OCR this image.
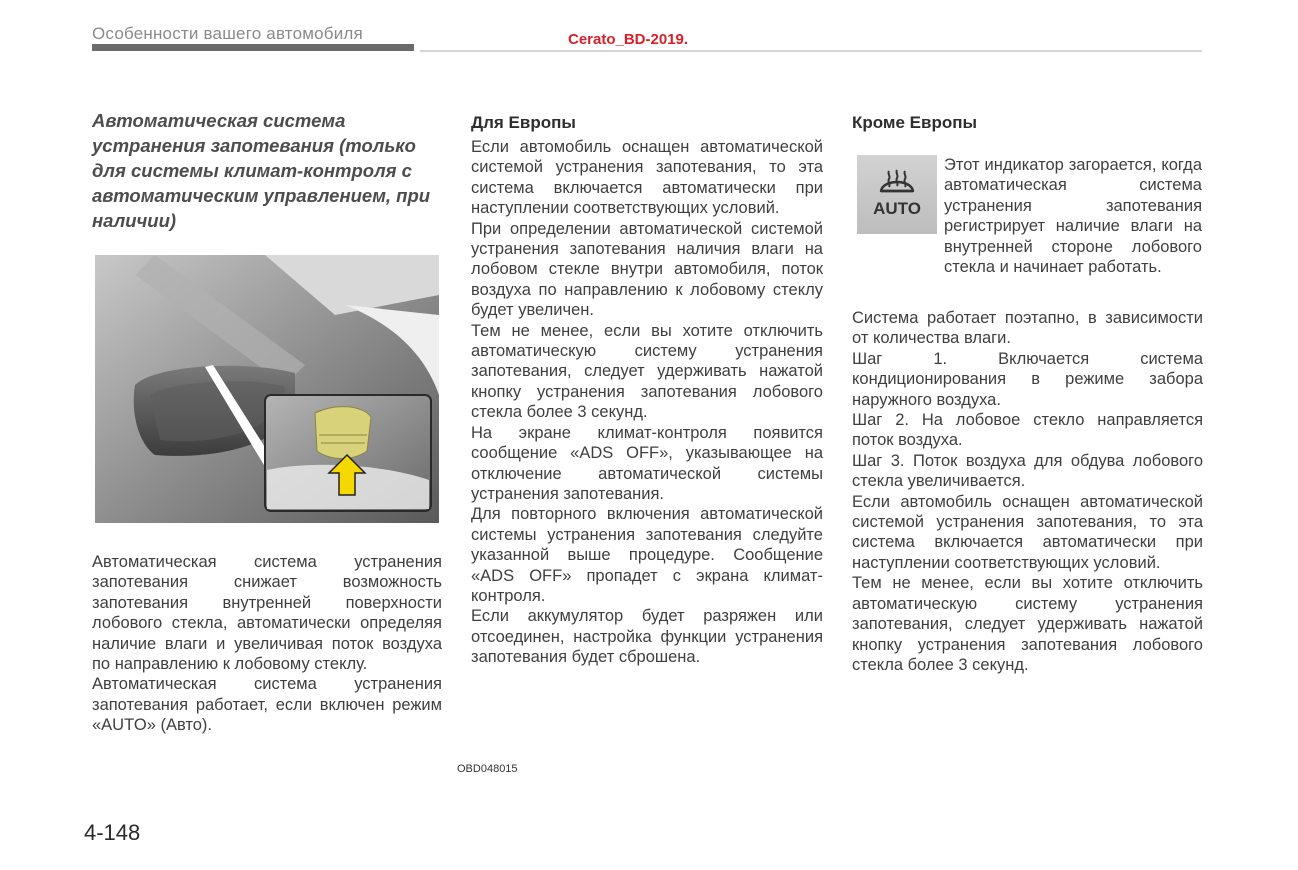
Особенности вашего автомобиля	Cerato_BD-2019.
Автоматическая система устранения запотевания (только для системы климат-контроля с автоматическим управлением, при наличии)
OBD048015

Автоматическая система устранения запотевания снижает возможность запотевания внутренней поверхности лобового стекла, автоматически определяя наличие влаги и увеличивая поток воздуха по направлению к лобовому стеклу.

Автоматическая система устранения запотевания работает, если включен режим «AUTO» (Авто).

Для Европы

Если автомобиль оснащен автоматической системой устранения запотевания, то эта система включается автоматически при наступлении соответствующих условий.

При определении автоматической системой устранения запотевания наличия влаги на лобовом стекле внутри автомобиля, поток воздуха по направлению к лобовому стеклу будет увеличен.

Тем не менее, если вы хотите отключить автоматическую систему устранения запотевания, следует удерживать нажатой кнопку устранения запотевания лобового стекла более 3 секунд.

На экране климат-контроля появится сообщение «ADS OFF», указывающее на отключение автоматической системы устранения запотевания.

Для повторного включения автоматической системы устранения запотевания следуйте указанной выше процедуре. Сообщение «ADS OFF» пропадет с экрана климат-контроля.

Если аккумулятор будет разряжен или отсоединен, настройка функции устранения запотевания будет сброшена.

Кроме Европы
AUTO

Этот индикатор загорается, когда автоматическая система устранения запотевания регистрирует наличие влаги на внутренней стороне лобового стекла и начинает работать.

Система работает поэтапно, в зависимости от количества влаги.

Шаг 1. Включается система кондиционирования в режиме забора наружного воздуха.

Шаг 2. На лобовое стекло направляется поток воздуха.

Шаг 3. Поток воздуха для обдува лобового стекла увеличивается.

Если автомобиль оснащен автоматической системой устранения запотевания, то эта система включается автоматически при наступлении соответствующих условий.

Тем не менее, если вы хотите отключить автоматическую систему устранения запотевания, следует удерживать нажатой кнопку устранения запотевания лобового стекла более 3 секунд.

4-148
